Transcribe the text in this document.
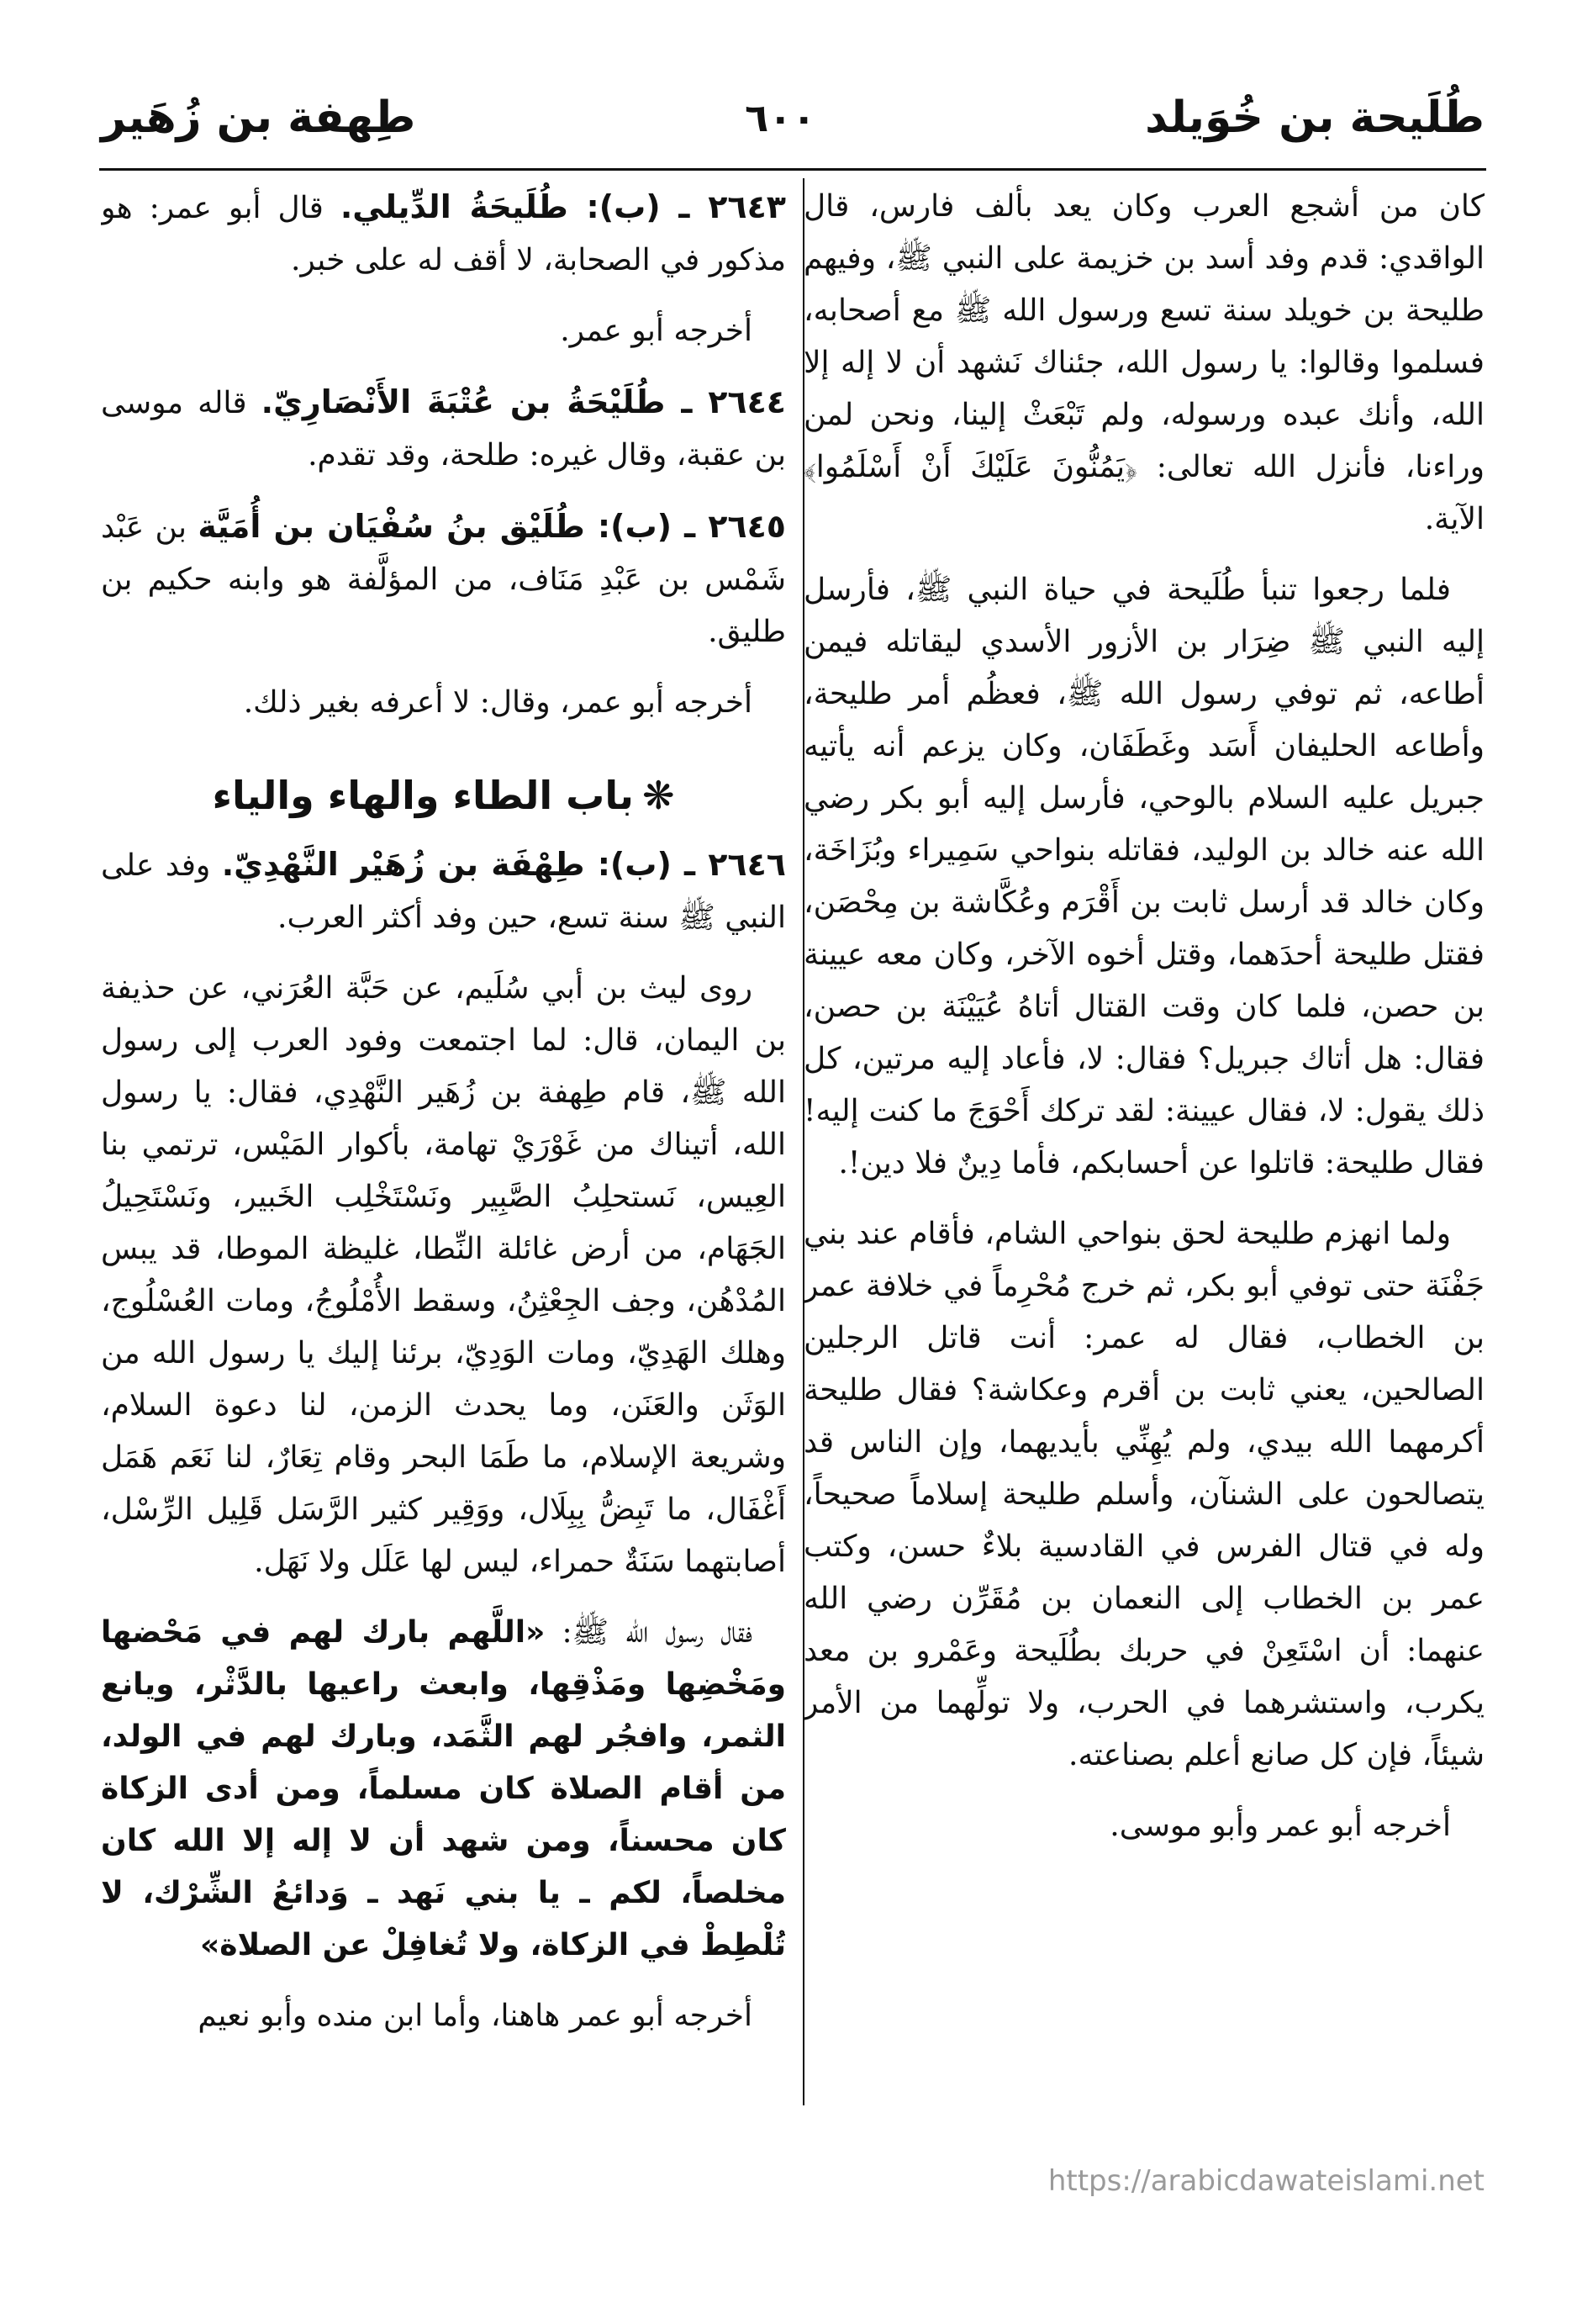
طُلَيحة بن خُوَيلد
٦٠٠
طِهفة بن زُهَير

كان من أشجع العرب وكان يعد بألف فارس، قال الواقدي: قدم وفد أسد بن خزيمة على النبي ﷺ، وفيهم طليحة بن خويلد سنة تسع ورسول الله ﷺ مع أصحابه، فسلموا وقالوا: يا رسول الله، جئناك نَشهد أن لا إله إلا الله، وأنك عبده ورسوله، ولم تَبْعَثْ إلينا، ونحن لمن وراءنا، فأنزل الله تعالى: ﴿يَمُنُّونَ عَلَيْكَ أَنْ أَسْلَمُوا﴾ الآية.

فلما رجعوا تنبأ طُلَيحة في حياة النبي ﷺ، فأرسل إليه النبي ﷺ ضِرَار بن الأزور الأسدي ليقاتله فيمن أطاعه، ثم توفي رسول الله ﷺ، فعظُم أمر طليحة، وأطاعه الحليفان أَسَد وغَطَفَان، وكان يزعم أنه يأتيه جبريل عليه السلام بالوحي، فأرسل إليه أبو بكر رضي الله عنه خالد بن الوليد، فقاتله بنواحي سَمِيراء وبُزَاخَة، وكان خالد قد أرسل ثابت بن أَقْرَم وعُكَّاشة بن مِحْصَن، فقتل طليحة أحدَهما، وقتل أخوه الآخر، وكان معه عيينة بن حصن، فلما كان وقت القتال أتاهُ عُيَيْنَة بن حصن، فقال: هل أتاك جبريل؟ فقال: لا، فأعاد إليه مرتين، كل ذلك يقول: لا، فقال عيينة: لقد تركك أَحْوَجَ ما كنت إليه! فقال طليحة: قاتلوا عن أحسابكم، فأما دِينٌ فلا دين!.

ولما انهزم طليحة لحق بنواحي الشام، فأقام عند بني جَفْنَة حتى توفي أبو بكر، ثم خرج مُحْرِماً في خلافة عمر بن الخطاب، فقال له عمر: أنت قاتل الرجلين الصالحين، يعني ثابت بن أقرم وعكاشة؟ فقال طليحة أكرمهما الله بيدي، ولم يُهِنِّي بأيديهما، وإن الناس قد يتصالحون على الشنآن، وأسلم طليحة إسلاماً صحيحاً، وله في قتال الفرس في القادسية بلاءٌ حسن، وكتب عمر بن الخطاب إلى النعمان بن مُقَرِّن رضي الله عنهما: أن اسْتَعِنْ في حربك بطُلَيحة وعَمْرو بن معد يكرب، واستشرهما في الحرب، ولا تولِّهما من الأمر شيئاً، فإن كل صانع أعلم بصناعته.

أخرجه أبو عمر وأبو موسى.

٢٦٤٣ ـ (ب): طُلَيحَةُ الدِّيلي. قال أبو عمر: هو مذكور في الصحابة، لا أقف له على خبر.

أخرجه أبو عمر.

٢٦٤٤ ـ طُلَيْحَةُ بن عُتْبَةَ الأَنْصَارِيّ. قاله موسى بن عقبة، وقال غيره: طلحة، وقد تقدم.

٢٦٤٥ ـ (ب): طُلَيْق بنُ سُفْيَان بن أُمَيَّة بن عَبْد شَمْس بن عَبْدِ مَنَاف، من المؤلَّفة هو وابنه حكيم بن طليق.

أخرجه أبو عمر، وقال: لا أعرفه بغير ذلك.

❋باب الطاء والهاء والياء

٢٦٤٦ ـ (ب): طِهْفَة بن زُهَيْر النَّهْدِيّ. وفد على النبي ﷺ سنة تسع، حين وفد أكثر العرب.

روى ليث بن أبي سُلَيم، عن حَبَّة العُرَني، عن حذيفة بن اليمان، قال: لما اجتمعت وفود العرب إلى رسول الله ﷺ، قام طِهفة بن زُهَير النَّهْدِي، فقال: يا رسول الله، أتيناك من غَوْرَيْ تهامة، بأكوار المَيْس، ترتمي بنا العِيس، نَستحلِبُ الصَّبِير ونَسْتَخْلِب الخَبير، ونَسْتَحِيلُ الجَهَام، من أرض غائلة النِّطا، غليظة الموطا، قد يبس المُدْهُن، وجف الجِعْثِنُ، وسقط الأُمْلُوجُ، ومات العُسْلُوج، وهلك الهَدِيّ، ومات الوَدِيّ، برئنا إليك يا رسول الله من الوَثَن والعَنَن، وما يحدث الزمن، لنا دعوة السلام، وشريعة الإسلام، ما طَمَا البحر وقام تِعَارٌ، لنا نَعَم هَمَل أَغْفَال، ما تَبِضُّ بِبِلَال، ووَقِير كثير الرَّسَل قَلِيل الرِّسْل، أصابتهما سَنَةٌ حمراء، ليس لها عَلَل ولا نَهَل.

فقال رسول الله ﷺ: «اللَّهم بارك لهم في مَحْضها ومَخْضِها ومَذْقِها، وابعث راعيها بالدَّثْر، ويانع الثمر، وافجُر لهم الثَّمَد، وبارك لهم في الولد، من أقام الصلاة كان مسلماً، ومن أدى الزكاة كان محسناً، ومن شهد أن لا إله إلا الله كان مخلصاً، لكم ـ يا بني نَهد ـ وَدائعُ الشِّرْك، لا تُلْطِطْ في الزكاة، ولا تُغافِلْ عن الصلاة»

أخرجه أبو عمر هاهنا، وأما ابن منده وأبو نعيم

https://arabicdawateislami.net
